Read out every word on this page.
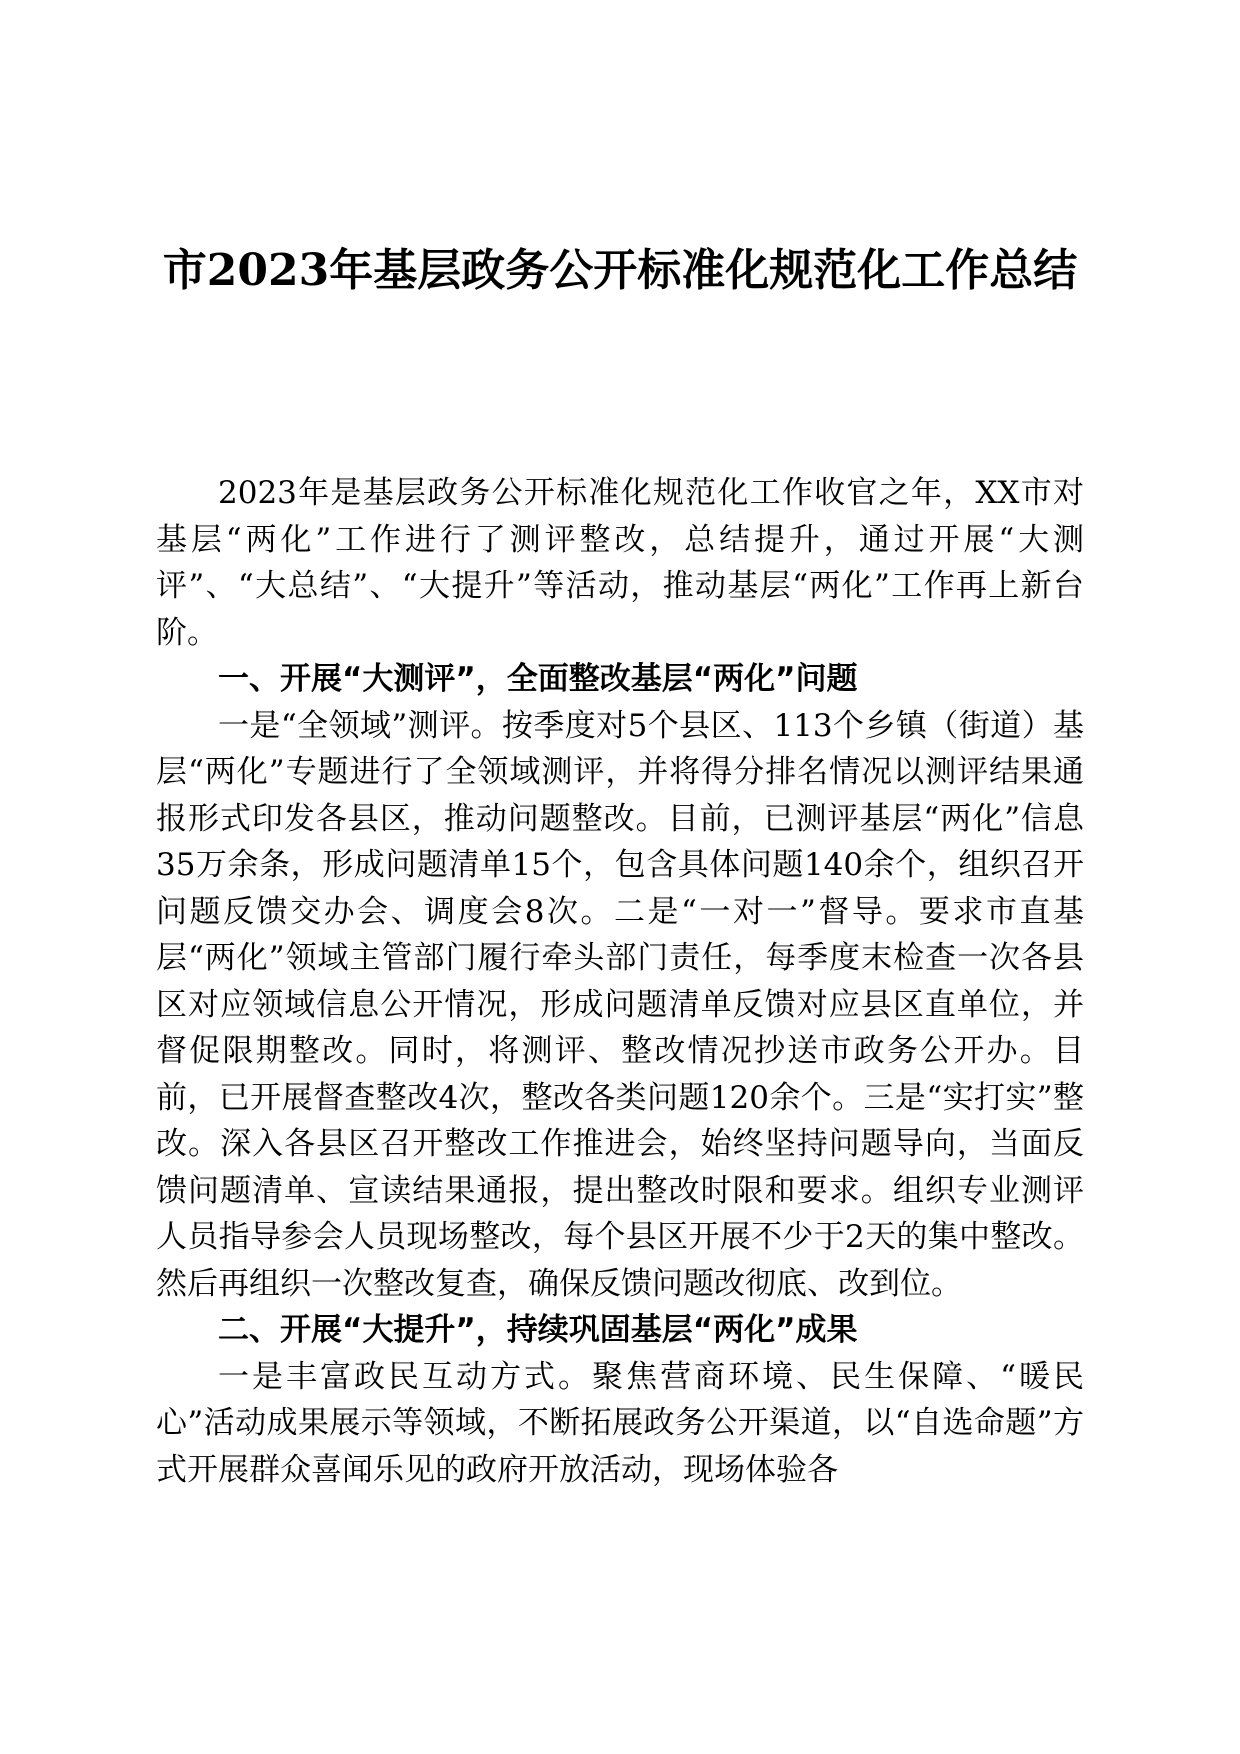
市2023年基层政务公开标准化规范化工作总结

2023年是基层政务公开标准化规范化工作收官之年，XX市对基层“两化”工作进行了测评整改，总结提升，通过开展“大测评”、“大总结”、“大提升”等活动，推动基层“两化”工作再上新台阶。

一、开展“大测评”，全面整改基层“两化”问题

一是“全领域”测评。按季度对5个县区、113个乡镇（街道）基层“两化”专题进行了全领域测评，并将得分排名情况以测评结果通报形式印发各县区，推动问题整改。目前，已测评基层“两化”信息35万余条，形成问题清单15个，包含具体问题140余个，组织召开问题反馈交办会、调度会8次。二是“一对一”督导。要求市直基层“两化”领域主管部门履行牵头部门责任，每季度末检查一次各县区对应领域信息公开情况，形成问题清单反馈对应县区直单位，并督促限期整改。同时，将测评、整改情况抄送市政务公开办。目前，已开展督查整改4次，整改各类问题120余个。三是“实打实”整改。深入各县区召开整改工作推进会，始终坚持问题导向，当面反馈问题清单、宣读结果通报，提出整改时限和要求。组织专业测评人员指导参会人员现场整改，每个县区开展不少于2天的集中整改。然后再组织一次整改复查，确保反馈问题改彻底、改到位。

二、开展“大提升”，持续巩固基层“两化”成果

一是丰富政民互动方式。聚焦营商环境、民生保障、“暖民心”活动成果展示等领域，不断拓展政务公开渠道，以“自选命题”方式开展群众喜闻乐见的政府开放活动，现场体验各
